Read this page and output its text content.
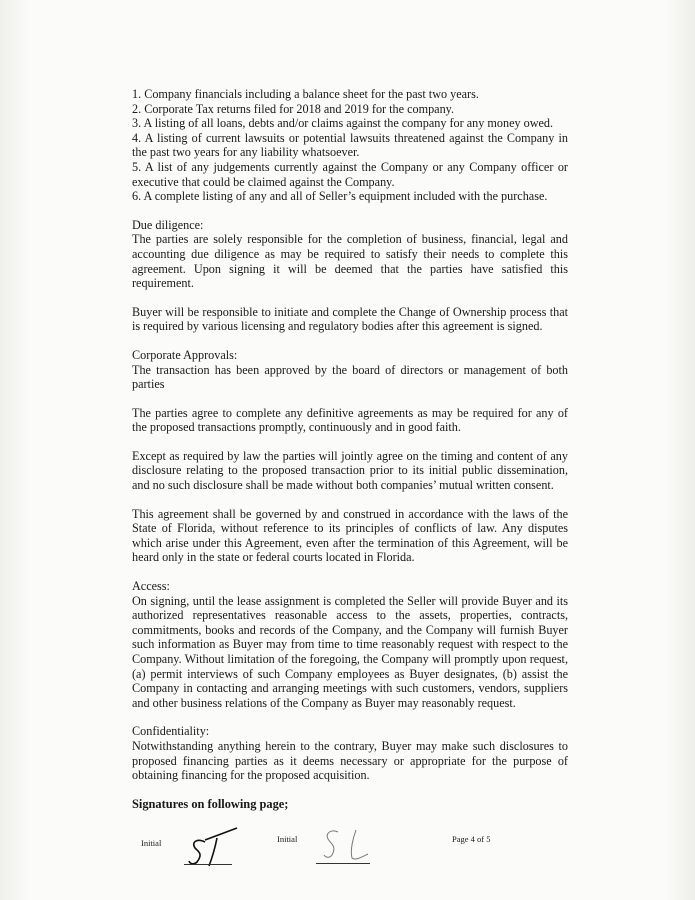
1. Company financials including a balance sheet for the past two years.

2. Corporate Tax returns filed for 2018 and 2019 for the company.

3. A listing of all loans, debts and/or claims against the company for any money owed.

4. A listing of current lawsuits or potential lawsuits threatened against the Company in the past two years for any liability whatsoever.

5. A list of any judgements currently against the Company or any Company officer or executive that could be claimed against the Company.

6. A complete listing of any and all of Seller’s equipment included with the purchase.

Due diligence:

The parties are solely responsible for the completion of business, financial, legal and accounting due diligence as may be required to satisfy their needs to complete this agreement. Upon signing it will be deemed that the parties have satisfied this requirement.

Buyer will be responsible to initiate and complete the Change of Ownership process that is required by various licensing and regulatory bodies after this agreement is signed.

Corporate Approvals:

The transaction has been approved by the board of directors or management of both parties

The parties agree to complete any definitive agreements as may be required for any of the proposed transactions promptly, continuously and in good faith.

Except as required by law the parties will jointly agree on the timing and content of any disclosure relating to the proposed transaction prior to its initial public dissemination, and no such disclosure shall be made without both companies’ mutual written consent.

This agreement shall be governed by and construed in accordance with the laws of the State of Florida, without reference to its principles of conflicts of law. Any disputes which arise under this Agreement, even after the termination of this Agreement, will be heard only in the state or federal courts located in Florida.

Access:

On signing, until the lease assignment is completed the Seller will provide Buyer and its authorized representatives reasonable access to the assets, properties, contracts, commitments, books and records of the Company, and the Company will furnish Buyer such information as Buyer may from time to time reasonably request with respect to the Company. Without limitation of the foregoing, the Company will promptly upon request, (a) permit interviews of such Company employees as Buyer designates, (b) assist the Company in contacting and arranging meetings with such customers, vendors, suppliers and other business relations of the Company as Buyer may reasonably request.

Confidentiality:

Notwithstanding anything herein to the contrary, Buyer may make such disclosures to proposed financing parties as it deems necessary or appropriate for the purpose of obtaining financing for the proposed acquisition.

Signatures on following page;

Initial	Initial	Page 4 of 5
